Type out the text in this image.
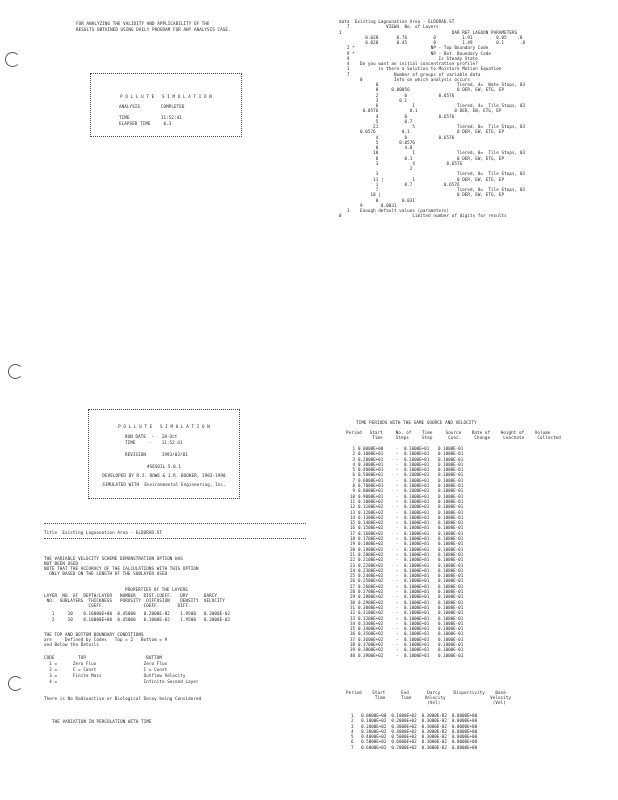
FOR ANALYZING THE VALIDITY AND APPLICABILITY OF THE
RESULTS OBTAINED USING DAILY PROGRAM FOR ANY ANALYSIS CASE.
P O L L U T E   S I M U L A T I O N
ANALYSIS        COMPLETED
TIME            11:52:41
ELAPSED TIME     0.3
data  Existing Lagoonation Area - ELDORAD.ST
7              VIEW4  No. of Layers
1                                          DAR REF LAGOON PARAMETERS
0.028       0.76          0          1.91         0.05    .8
0.028       0.45          0          1.49         0.1      .8
2 *                             NP - Top Boundary Code
9 *                             NP - Bot. Boundary Code
9                                  Is Steady State
4    Do you want an initial concentration profile?
1           is there a Solution to Moisture Motion Equation
7                 Number of groups of variable data
0            Info on which analysis occurs
0                              Tiered, 4=  Wate Stops, 03
0     0.00056                  0 DER, EW, ETG, EP
2          0            0.6576
3        0.1
6             1                Tiered, 4=  Tile Stops, 03
0.0576            0.1              0 DER, EW, ETG, EP
4          0            0.6576
5          0.7
21             5                Tiered, 0=  Tile Stops, 03
0.0576          0.1                  0 DER, EW, ETG, EP
4          0            0.6576
5        0.0576
8          4.8
10             1                Tiered, 0=  Tile Stops, 03
8          0.1                 0 DER, EW, ETG, EP
3             4            0.6576
2
3                              Tiered, 0=  Tile Stops, 03
11 |           1                0 DER, EW, ETG, EP
1          0.7            0.6576
7                              Tiered, 0=  Tile Stops, 03
10 |                             0 DER, EW, ETG, EP
0         0.031
9       0.0031
1    Enough default values (parameters)
0                           Limited number of digits for results
P O L L U T E   S I M U L A T I O N
RUN DATE  -   28-Oct
TIME     -    11:52:41
REVISION      1993/03/01
#SESOIL 5.0.1
DEVELOPED BY R.J. ROWE & J.R. BOOKER, 1983-1990
SIMULATED WITH  Environmental Engineering, Inc.
Title  Existing Lagoonation Area - ELDORAD.ST
THE VARIABLE VELOCITY SCHEME DEMONSTRATION OPTION HAS
NOT BEEN USED
NOTE THAT THE ACCURACY OF THE CALCULATIONS WITH THIS OPTION
ONLY BASED ON THE LENGTH OF THE SUBLAYER USED
PROPERTIES OF THE LAYERS
LAYER  NO. OF  DEPTH/LAYER   NUMBER   DIST.COEFF.   DRY      DARCY
NO.  SUBLAYERS  THICKNESS   POROSITY  DIFFUSION    DENSITY  VELOCITY
COEFF.               COEFF.       DIFF.
1     10    0.10000E+00  0.45000   0.2000E-02    1.9500   0.3000E-02
2     10    0.10000E+00  0.45000   0.1000E-02    1.9500   0.3000E-02
THE TOP AND BOTTOM BOUNDARY CONDITIONS
are     Defined by Codes   Top = 2   Bottom = 9
and Below the Details
CODE         TOP                       BOTTOM
1 =      Zero Flux                  Zero Flux
2 =      C = Const                  C = Const
3 =      Finite Mass                Outflow Velocity
4 =                                 Infinite Second Layer
There is No Radioactive or Biological Decay being Considered
THE VARIATION IN PERCOLATION WITH TIME
TIME PERIODS WITH THE SAME SOURCE AND VELOCITY
Period   Start     No. of    Time     Source    Rate of    Height of    Volume
Time     Steps     Step      Conc.     Change     Leachate     Collected
1 0.0000E+00	- 0.1000E+01 0.1000E-01
2 0.1000E+01	- 0.1000E+01 0.1000E-01
3 0.2000E+01	- 0.1000E+01 0.1000E-01
4 0.3000E+01	- 0.1000E+01 0.1000E-01
5 0.4000E+01	- 0.1000E+01 0.1000E-01
6 0.5000E+01	- 0.1000E+01 0.1000E-01
7 0.6000E+01	- 0.1000E+01 0.1000E-01
8 0.7000E+01	- 0.1000E+01 0.1000E-01
9 0.8000E+01	- 0.1000E+01 0.1000E-01
10 0.9000E+01	- 0.1000E+01 0.1000E-01
11 0.1000E+02	- 0.1000E+01 0.1000E-01
12 0.1100E+02	- 0.1000E+01 0.1000E-01
13 0.1200E+02	- 0.1000E+01 0.1000E-01
14 0.1300E+02	- 0.1000E+01 0.1000E-01
15 0.1400E+02	- 0.1000E+01 0.1000E-01
16 0.1500E+02	- 0.1000E+01 0.1000E-01
17 0.1600E+02	- 0.1000E+01 0.1000E-01
18 0.1700E+02	- 0.1000E+01 0.1000E-01
19 0.1800E+02	- 0.1000E+01 0.1000E-01
20 0.1900E+02	- 0.1000E+01 0.1000E-01
21 0.2000E+02	- 0.1000E+01 0.1000E-01
22 0.2100E+02	- 0.1000E+01 0.1000E-01
23 0.2200E+02	- 0.1000E+01 0.1000E-01
24 0.2300E+02	- 0.1000E+01 0.1000E-01
25 0.2400E+02	- 0.1000E+01 0.1000E-01
26 0.2500E+02	- 0.1000E+01 0.1000E-01
27 0.2600E+02	- 0.1000E+01 0.1000E-01
28 0.2700E+02	- 0.1000E+01 0.1000E-01
29 0.2800E+02	- 0.1000E+01 0.1000E-01
30 0.2900E+02	- 0.1000E+01 0.1000E-01
31 0.3000E+02	- 0.1000E+01 0.1000E-01
32 0.3100E+02	- 0.1000E+01 0.1000E-01
33 0.3200E+02	- 0.1000E+01 0.1000E-01
34 0.3300E+02	- 0.1000E+01 0.1000E-01
35 0.3400E+02	- 0.1000E+01 0.1000E-01
36 0.3500E+02	- 0.1000E+01 0.1000E-01
37 0.3600E+02	- 0.1000E+01 0.1000E-01
38 0.3700E+02	- 0.1000E+01 0.1000E-01
39 0.3800E+02	- 0.1000E+01 0.1000E-01
40 0.3900E+02	- 0.1000E+01 0.1000E-01
Period    Start      End       Darcy     Dispersivity    Base
Time      Time     Velocity                 Velocity
(Vel)                    (Vel)
1   0.0000E+00  0.1000E+02  0.3000E-02  0.0000E+00
2   0.1000E+02  0.2000E+02  0.3000E-02  0.0000E+00
3   0.2000E+02  0.3000E+02  0.3000E-02  0.0000E+00
4   0.3000E+02  0.4000E+02  0.3000E-02  0.0000E+00
5   0.4000E+02  0.5000E+02  0.3000E-02  0.0000E+00
6   0.5000E+02  0.6000E+02  0.3000E-02  0.0000E+00
7   0.6000E+02  0.7000E+02  0.3000E-02  0.0000E+00
